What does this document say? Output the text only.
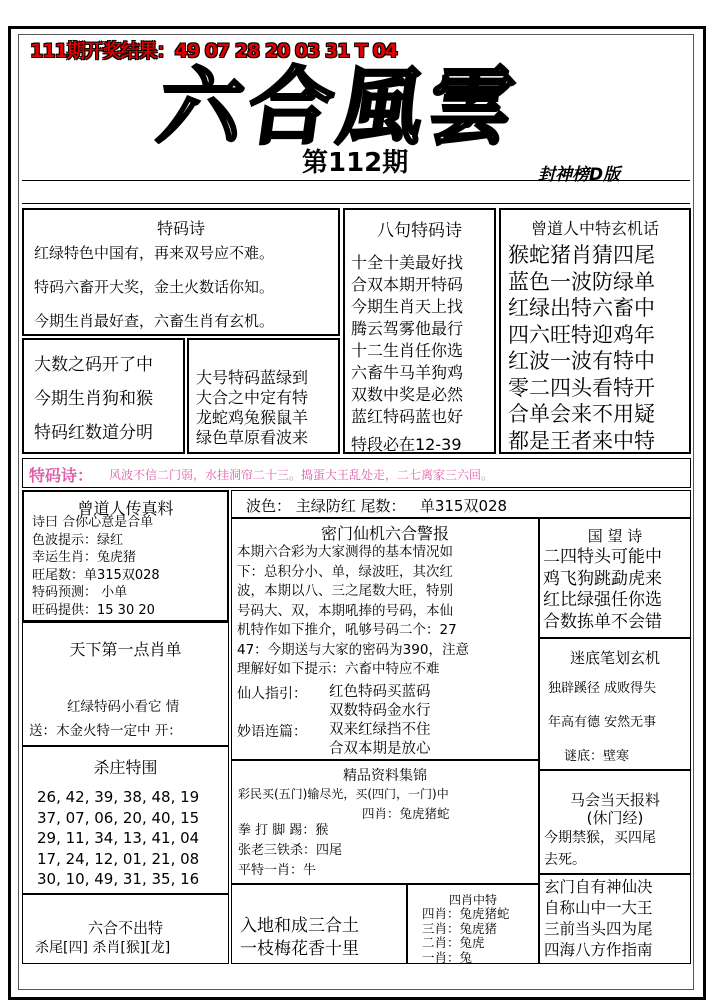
111期开奖结果：49 07 28 20 03 31 T 04
六合風雲
第112期	封神榜D版
特码诗
红绿特色中国有，再来双号应不难。
特码六畜开大奖，金土火数话你知。
今期生肖最好查，六畜生肖有玄机。
八句特码诗
十全十美最好找
合双本期开特码
今期生肖天上找
腾云驾雾他最行
十二生肖任你选
六畜牛马羊狗鸡
双数中奖是必然
蓝红特码蓝也好
特段必在12-39
曾道人中特玄机话
猴蛇猪肖猜四尾
蓝色一波防绿单
红绿出特六畜中
四六旺特迎鸡年
红波一波有特中
零二四头看特开
合单会来不用疑
都是王者来中特
大数之码开了中
今期生肖狗和猴
特码红数道分明
大号特码蓝绿到
大合之中定有特
龙蛇鸡兔猴鼠羊
绿色草原看波来
特码诗： 风波不信二门弱，水挂洞帘二十三。捣蛋大王乱处走，二七离家三六回。
曾道人传真料
诗曰 合你心意是合单
色波提示：绿红
幸运生肖：兔虎猪
旺尾数：单315双028
特码预测： 小单
旺码提供：15 30 20
波色： 主绿防红 尾数：   单315双028
密门仙机六合警报
本期六合彩为大家测得的基本情况如
下：总积分小、单，绿波旺，其次红
波，本期以八、三之尾数大旺，特别
号码大、双，本期吼捧的号码，本仙
机特作如下推介，吼够号码二个：27
47：今期送与大家的密码为390，注意
理解好如下提示：六畜中特应不难
仙人指引： 红色特码买蓝码
双数特码金水行
妙语连篇： 双来红绿挡不住
合双本期是放心
国 望 诗
二四特头可能中
鸡飞狗跳勐虎来
红比绿强任你选
合数拣单不会错
迷底笔划玄机
独辟蹊径 成败得失
年高有德 安然无事
谜底：壁寒
天下第一点肖单
红绿特码小看它 情
送：木金火特一定中 开：
杀庄特围
26, 42, 39, 38, 48, 19
37, 07, 06, 20, 40, 15
29, 11, 34, 13, 41, 04
17, 24, 12, 01, 21, 08
30, 10, 49, 31, 35, 16
精品资料集锦
彩民买(五门)输尽光，买(四门，一门)中
四肖：兔虎猪蛇
拳 打 脚 踢：猴
张老三铁杀：四尾
平特一肖：牛
马会当天报料
(休门经)
今期禁猴，买四尾
去死。
玄门自有神仙决
自称山中一大王
三前当头四为尾
四海八方作指南
六合不出特
杀尾[四] 杀肖[猴][龙]
入地和成三合土
一枝梅花香十里
四肖中特
四肖：兔虎猪蛇
三肖：兔虎猪
二肖：兔虎
一肖：兔
